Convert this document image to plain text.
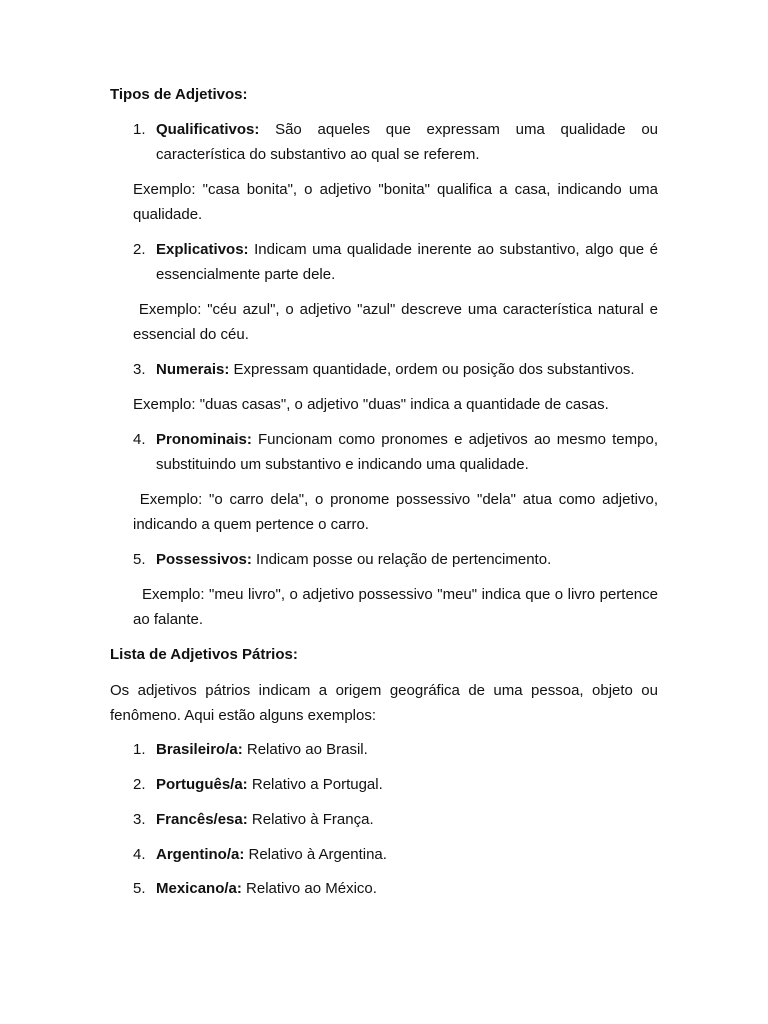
Tipos de Adjetivos:
1. Qualificativos: São aqueles que expressam uma qualidade ou característica do substantivo ao qual se referem.
Exemplo: "casa bonita", o adjetivo "bonita" qualifica a casa, indicando uma qualidade.
2. Explicativos: Indicam uma qualidade inerente ao substantivo, algo que é essencialmente parte dele.
Exemplo: "céu azul", o adjetivo "azul" descreve uma característica natural e essencial do céu.
3. Numerais: Expressam quantidade, ordem ou posição dos substantivos.
Exemplo: "duas casas", o adjetivo "duas" indica a quantidade de casas.
4. Pronominais: Funcionam como pronomes e adjetivos ao mesmo tempo, substituindo um substantivo e indicando uma qualidade.
Exemplo: "o carro dela", o pronome possessivo "dela" atua como adjetivo, indicando a quem pertence o carro.
5. Possessivos: Indicam posse ou relação de pertencimento.
Exemplo: "meu livro", o adjetivo possessivo "meu" indica que o livro pertence ao falante.
Lista de Adjetivos Pátrios:
Os adjetivos pátrios indicam a origem geográfica de uma pessoa, objeto ou fenômeno. Aqui estão alguns exemplos:
1. Brasileiro/a: Relativo ao Brasil.
2. Português/a: Relativo a Portugal.
3. Francês/esa: Relativo à França.
4. Argentino/a: Relativo à Argentina.
5. Mexicano/a: Relativo ao México.
